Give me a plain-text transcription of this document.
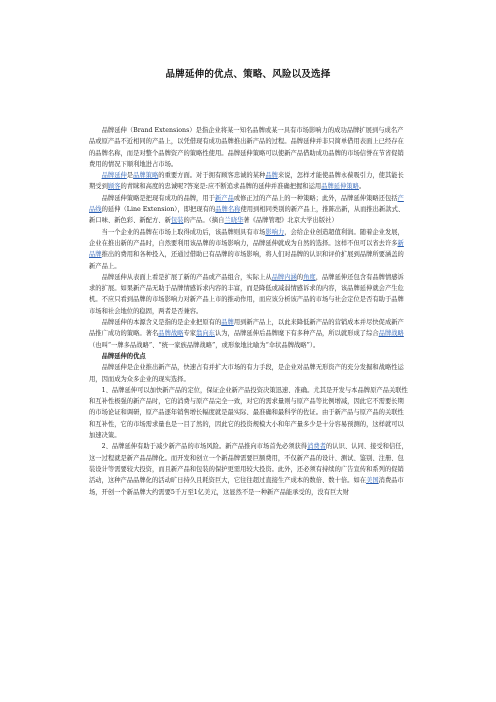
品牌延伸的优点、策略、风险以及选择

品牌延伸（Brand Extensions）是指企业将某一知名品牌或某一具有市场影响力的成功品牌扩展到与成名产品或原产品不近相同的产品上，以凭借现有成功品牌推出新产品的过程。品牌延伸并非只简单借用表面上已经存在的品牌名称，而是对整个品牌资产的策略性使用。品牌延伸策略可以使新产品借助成功品牌的市场信誉在节省促销费用的情况下顺利地进占市场。

品牌延伸是品牌策略的重要方面。对于拥有顾客忠诚的某种品牌来说，怎样才能使品牌永葆吸引力，使其能长期受到顾客的青睐和高度的忠诚呢?答案是:应不断追求品牌的延伸并准确把握和运用品牌延伸策略。

品牌延伸策略是把现有成功的品牌，用于新产品或修正过的产品上的一种策略；此外，品牌延伸策略还包括产品线的延伸（Line Extension），即把现有的品牌名称使用到相同类别的新产品上，推陈出新，从而推出新款式、新口味、新色彩、新配方、新包装的产品。（摘自兰晓华著《品牌管理》北京大学出版社）

当一个企业的品牌在市场上取得成功后，该品牌则具有市场影响力，会给企业创造超值利润。随着企业发展，企业在推出新的产品时，自然要利用该品牌的市场影响力，品牌延伸就成为自然的选择。这样不但可以省去许多新品牌推出的费用和各种投入，还通过借助已有品牌的市场影响，将人们对品牌的认识和评价扩展到品牌所要涵盖的新产品上。

品牌延伸从表面上看是扩展了新的产品或产品组合，实际上从品牌内涵的角度，品牌延伸还包含有品牌情感诉求的扩展。如果新产品无助于品牌情感诉求内容的丰富，而是降低或减弱情感诉求的内容，该品牌延伸就会产生危机。不应只看到品牌的市场影响力对新产品上市的推动作用，而应该分析该产品的市场与社会定位是否有助于品牌市场和社会地位的稳固，两者是否兼容。

品牌延伸的本源含义是指的是企业把原有的品牌用到新产品上，以此来降低新产品的营销成本并尽快促成新产品推广成功的策略。著名品牌战略专家翁向东认为，品牌延伸后品牌麾下有多种产品，所以就形成了综合品牌战略（也叫“一牌多品战略”、“统一家族品牌战略”，或形象地比喻为“伞状品牌战略”）。

品牌延伸的优点

品牌延伸是企业推出新产品，快速占有并扩大市场的有力手段，是企业对品牌无形资产的充分发掘和战略性运用，因而成为众多企业的现实选择。

1、品牌延伸可以加快新产品的定位，保证企业新产品投资决策迅速、准确。尤其是开发与本品牌原产品关联性和互补性极强的新产品时，它的消费与原产品完全一致，对它的需求量则与原产品等比例增减，因此它不需要长期的市场论证和调研，原产品逐年销售增长幅度就是最实际、最准确和最科学的佐证。由于新产品与原产品的关联性和互补性，它的市场需求量也是一目了然的，因此它的投资规模大小和年产量多少是十分容易预测的，这样就可以加速决策。

2、品牌延伸有助于减少新产品的市场风险。新产品推向市场首先必须获得消费者的认识、认同、接受和信任，这一过程就是新产品品牌化。而开发和创立一个新品牌需要巨额费用，不仅新产品的设计、测试、鉴别、注册、包装设计等需要较大投资，而且新产品和包装的保护更需用较大投资。此外，还必须有持续的广告宣传和系列的促销活动，这种产品品牌化的活动旷日持久且耗资巨大，它往往超过直接生产成本的数倍、数十倍。如在美国消费品市场，开创一个新品牌大约需要5千万至1亿美元，这显然不是一种新产品能承受的，没有巨大财
